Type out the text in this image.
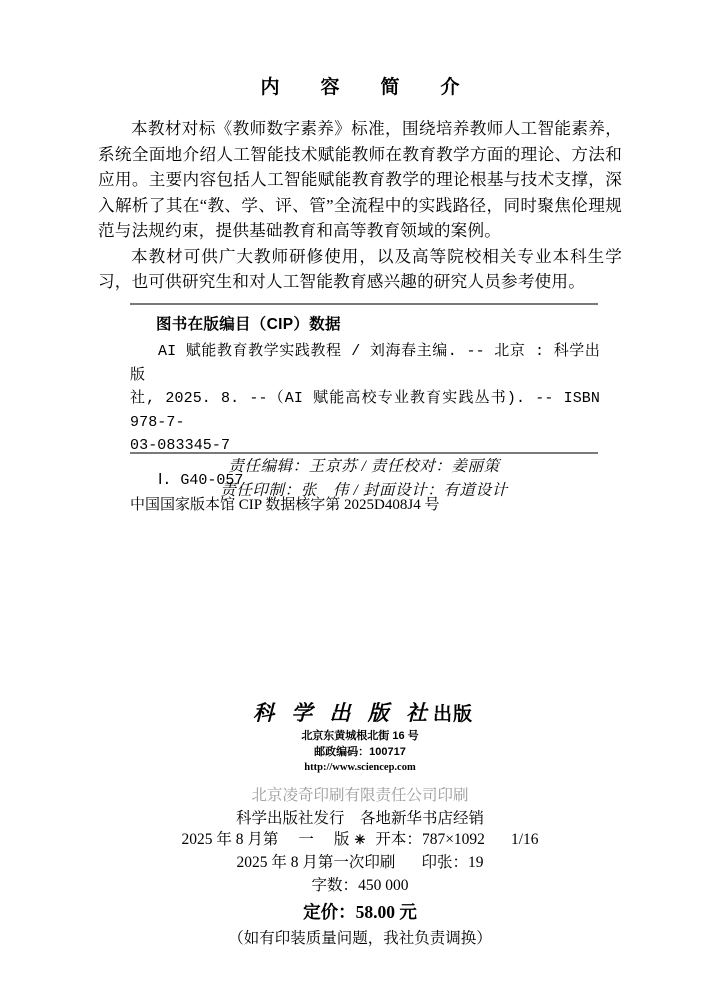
内　容　简　介

本教材对标《教师数字素养》标准，围绕培养教师人工智能素养，系统全面地介绍人工智能技术赋能教师在教育教学方面的理论、方法和应用。主要内容包括人工智能赋能教育教学的理论根基与技术支撑，深入解析了其在“教、学、评、管”全流程中的实践路径，同时聚焦伦理规范与法规约束，提供基础教育和高等教育领域的案例。

本教材可供广大教师研修使用，以及高等院校相关专业本科生学习，也可供研究生和对人工智能教育感兴趣的研究人员参考使用。

图书在版编目（CIP）数据
AI 赋能教育教学实践教程 / 刘海春主编. -- 北京 : 科学出版
社, 2025. 8. --（AI 赋能高校专业教育实践丛书). -- ISBN 978-7-
03-083345-7
Ⅰ. G40-057
中国国家版本馆 CIP 数据核字第 2025D408J4 号
责任编辑：王京苏 / 责任校对：姜丽策
责任印制：张　伟 / 封面设计：有道设计
科 学 出 版 社出版
北京东黄城根北街 16 号
邮政编码：100717
http://www.sciencep.com
北京凌奇印刷有限责任公司印刷
科学出版社发行　各地新华书店经销
✳
2025 年 8 月第 一 版 开本：787×1092 1/16
2025 年 8 月第一次印刷 印张：19
字数：450 000
定价：58.00 元
（如有印装质量问题，我社负责调换）
